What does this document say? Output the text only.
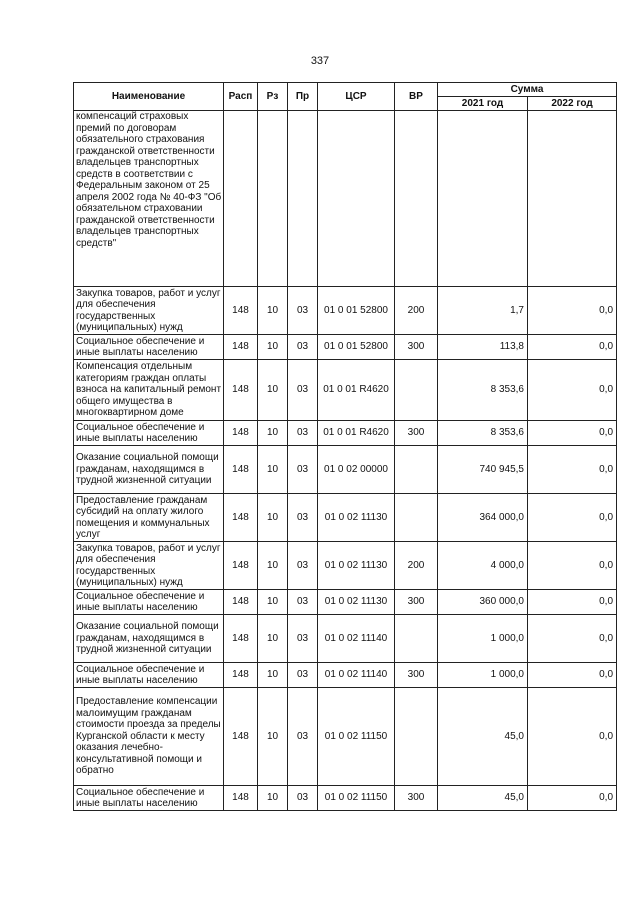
337
Наименование	Расп	Рз	Пр	ЦСР	ВР	Сумма	
						2021 год	2022 год
компенсаций страховых премий по договорам обязательного страхования гражданской ответственности владельцев транспортных средств в соответствии с Федеральным законом от 25 апреля 2002 года № 40-ФЗ "Об обязательном страховании гражданской ответственности владельцев транспортных средств"							
Закупка товаров, работ и услуг для обеспечения государственных (муниципальных) нужд	148	10	03	01 0 01 52800	200	1,7	0,0
Социальное обеспечение и иные выплаты населению	148	10	03	01 0 01 52800	300	113,8	0,0
Компенсация отдельным категориям граждан оплаты взноса на капитальный ремонт общего имущества в многоквартирном доме	148	10	03	01 0 01 R4620		8 353,6	0,0
Социальное обеспечение и иные выплаты населению	148	10	03	01 0 01 R4620	300	8 353,6	0,0
Оказание социальной помощи гражданам, находящимся в трудной жизненной ситуации	148	10	03	01 0 02 00000		740 945,5	0,0
Предоставление гражданам субсидий на оплату жилого помещения и коммунальных услуг	148	10	03	01 0 02 11130		364 000,0	0,0
Закупка товаров, работ и услуг для обеспечения государственных (муниципальных) нужд	148	10	03	01 0 02 11130	200	4 000,0	0,0
Социальное обеспечение и иные выплаты населению	148	10	03	01 0 02 11130	300	360 000,0	0,0
Оказание социальной помощи гражданам, находящимся в трудной жизненной ситуации	148	10	03	01 0 02 11140		1 000,0	0,0
Социальное обеспечение и иные выплаты населению	148	10	03	01 0 02 11140	300	1 000,0	0,0
Предоставление компенсации малоимущим гражданам стоимости проезда за пределы Курганской области к месту оказания лечебно-консультативной помощи и обратно	148	10	03	01 0 02 11150		45,0	0,0
Социальное обеспечение и иные выплаты населению	148	10	03	01 0 02 11150	300	45,0	0,0
